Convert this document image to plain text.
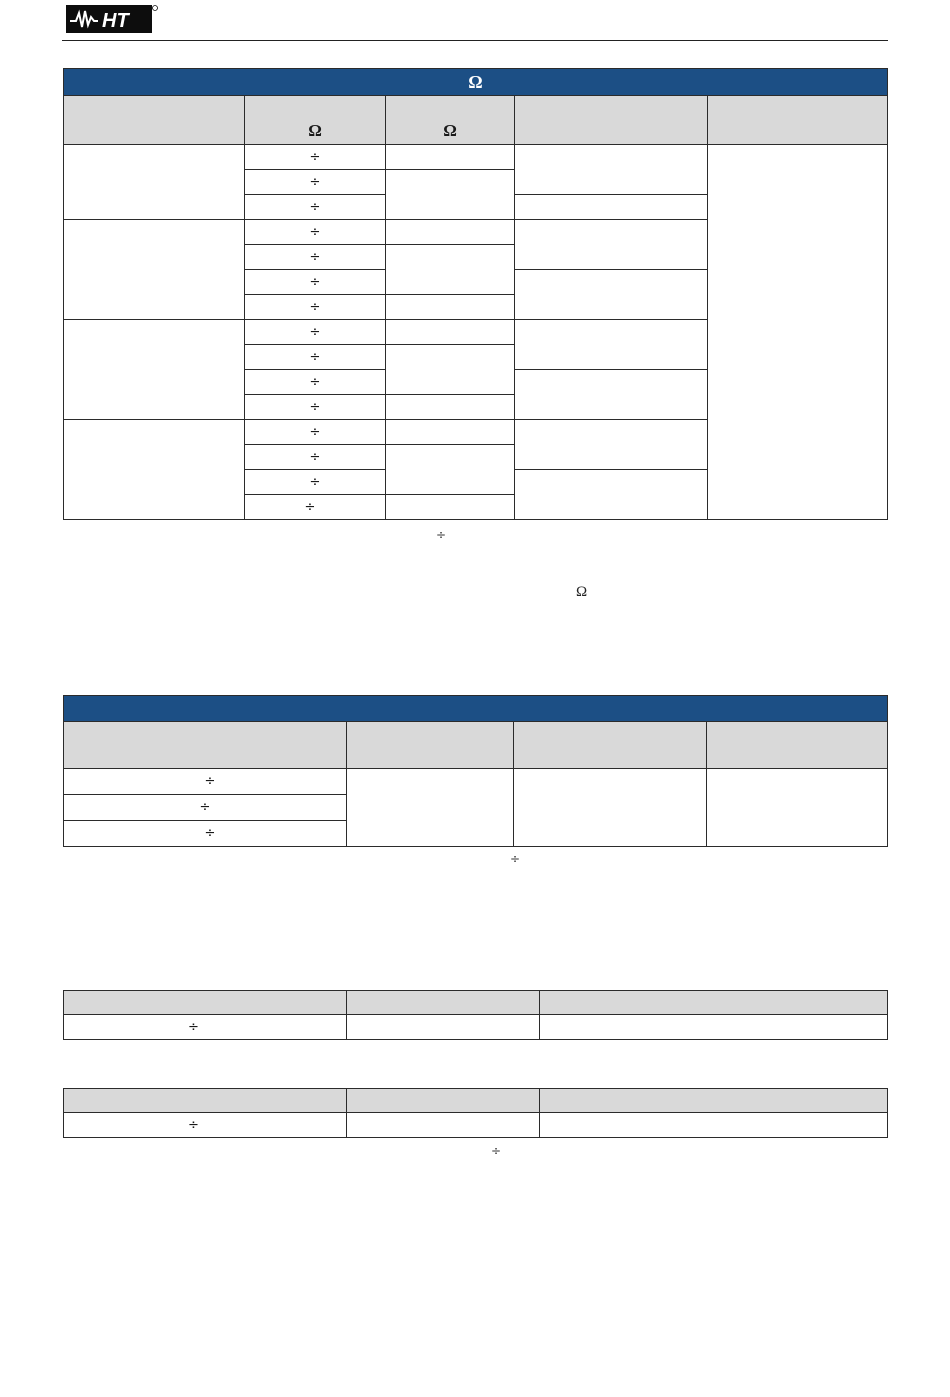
HT
Ω				
	Ω	Ω		
	÷			
	÷			
	÷			
	÷			
	÷			
	÷			
	÷			
	÷			
	÷			
	÷			
	÷			
	÷			
	÷			
	÷			
	÷			
÷
Ω

÷			
÷			
÷			
÷

÷		

÷		
÷
